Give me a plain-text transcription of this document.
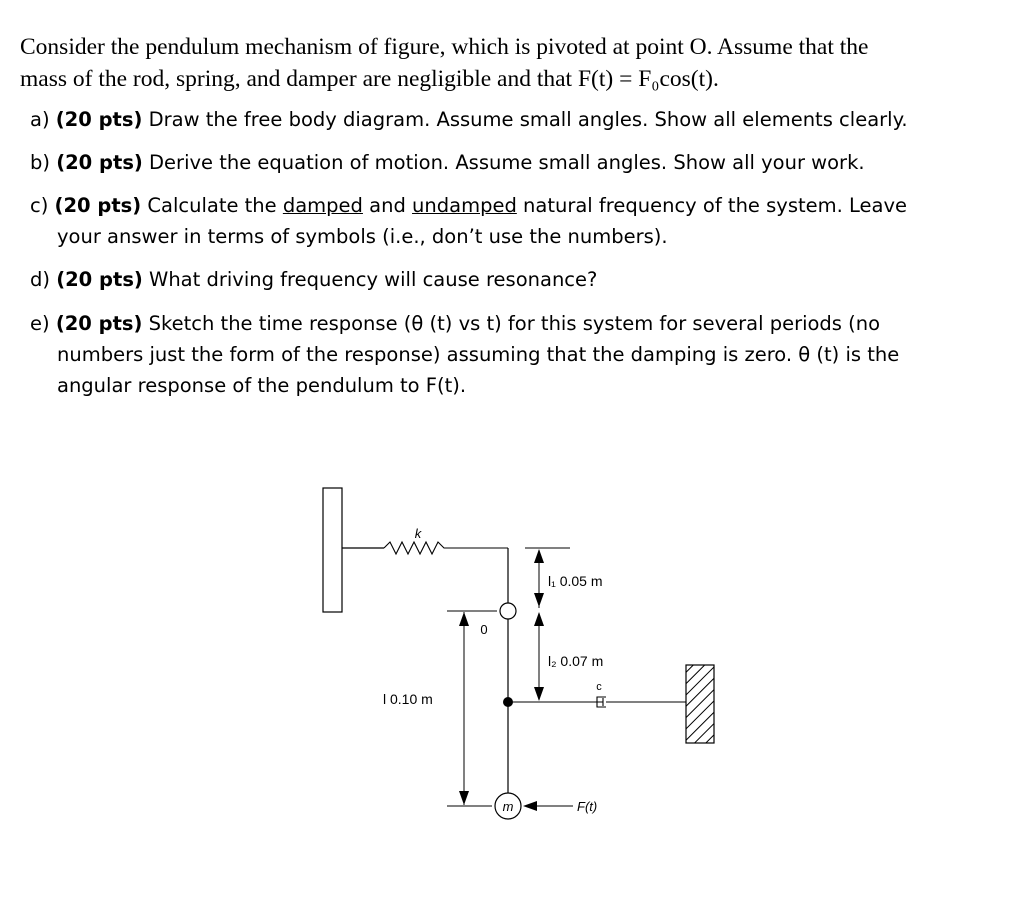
Consider the pendulum mechanism of figure, which is pivoted at point O. Assume that the

mass of the rod, spring, and damper are negligible and that F(t) = F₀cos(t).

a) (20 pts) Draw the free body diagram. Assume small angles. Show all elements clearly.
b) (20 pts) Derive the equation of motion. Assume small angles. Show all your work.
c) (20 pts) Calculate the damped and undamped natural frequency of the system. Leave
your answer in terms of symbols (i.e., don’t use the numbers).
d) (20 pts) What driving frequency will cause resonance?
e) (20 pts) Sketch the time response (θ (t) vs t) for this system for several periods (no
numbers just the form of the response) assuming that the damping is zero. θ (t) is the
angular response of the pendulum to F(t).
k
0
c
m	F(t)
l₁ 0.05 m
l₂ 0.07 m
l 0.10 m
